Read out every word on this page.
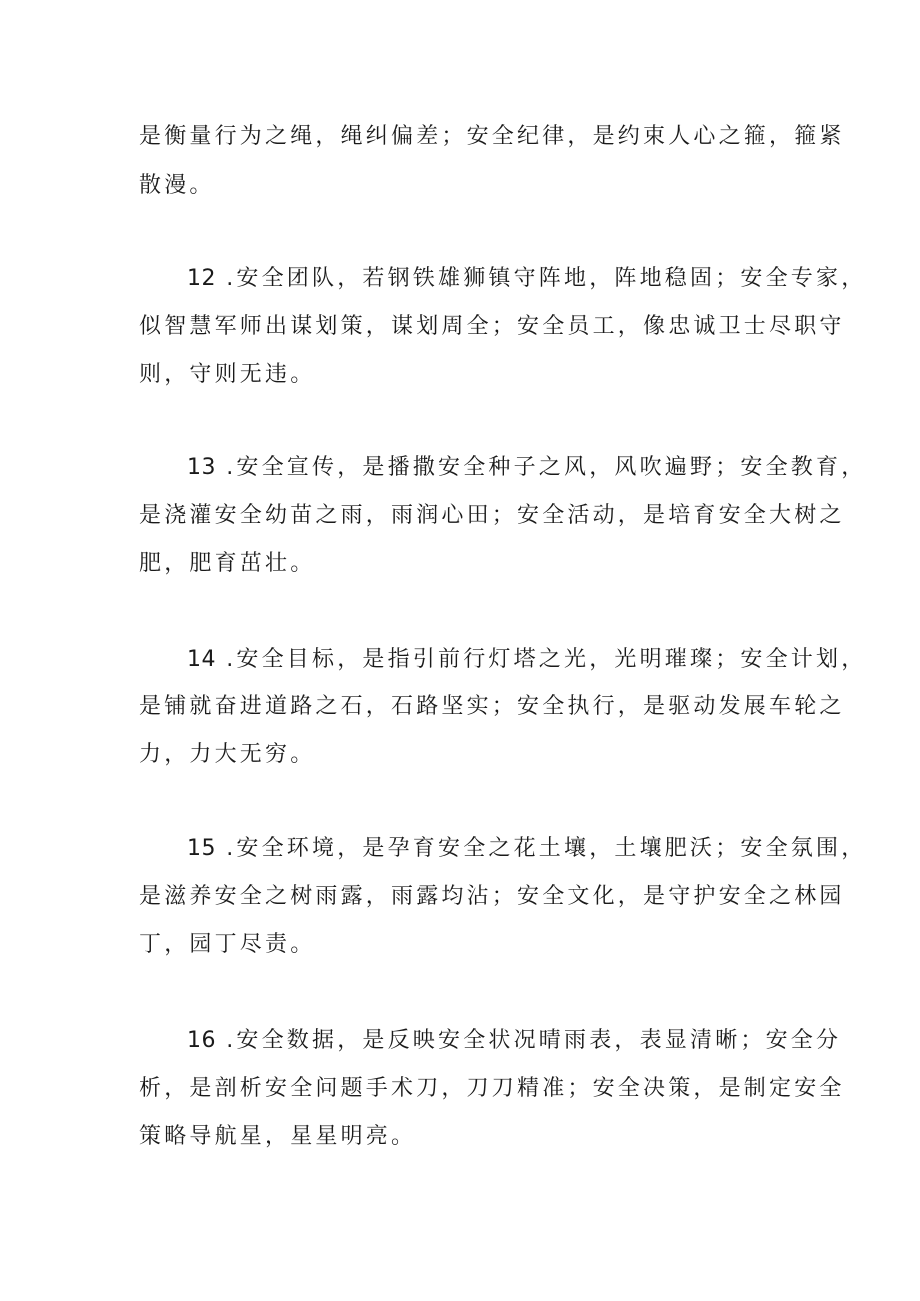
是衡量行为之绳，绳纠偏差；安全纪律，是约束人心之箍，箍紧
散漫。
12 .安全团队，若钢铁雄狮镇守阵地，阵地稳固；安全专家，
似智慧军师出谋划策，谋划周全；安全员工，像忠诚卫士尽职守
则，守则无违。
13 .安全宣传，是播撒安全种子之风，风吹遍野；安全教育，
是浇灌安全幼苗之雨，雨润心田；安全活动，是培育安全大树之
肥，肥育茁壮。
14 .安全目标，是指引前行灯塔之光，光明璀璨；安全计划，
是铺就奋进道路之石，石路坚实；安全执行，是驱动发展车轮之
力，力大无穷。
15 .安全环境，是孕育安全之花土壤，土壤肥沃；安全氛围，
是滋养安全之树雨露，雨露均沾；安全文化，是守护安全之林园
丁，园丁尽责。
16 .安全数据，是反映安全状况晴雨表，表显清晰；安全分
析，是剖析安全问题手术刀，刀刀精准；安全决策，是制定安全
策略导航星，星星明亮。
